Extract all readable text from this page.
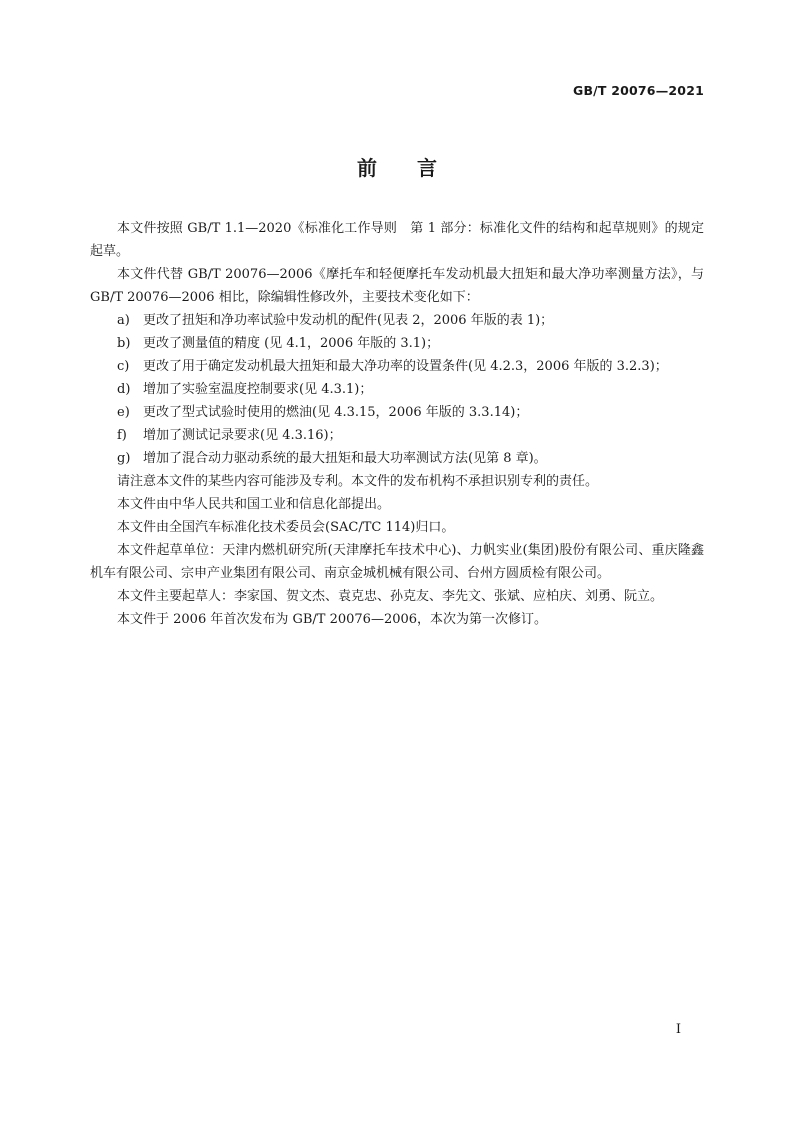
GB/T 20076—2021
前 言

本文件按照 GB/T 1.1—2020《标准化工作导则　第 1 部分：标准化文件的结构和起草规则》的规定起草。

本文件代替 GB/T 20076—2006《摩托车和轻便摩托车发动机最大扭矩和最大净功率测量方法》，与 GB/T 20076—2006 相比，除编辑性修改外，主要技术变化如下：

a) 更改了扭矩和净功率试验中发动机的配件(见表 2，2006 年版的表 1)；

b) 更改了测量值的精度 (见 4.1，2006 年版的 3.1)；

c) 更改了用于确定发动机最大扭矩和最大净功率的设置条件(见 4.2.3，2006 年版的 3.2.3)；

d) 增加了实验室温度控制要求(见 4.3.1)；

e) 更改了型式试验时使用的燃油(见 4.3.15，2006 年版的 3.3.14)；

f) 增加了测试记录要求(见 4.3.16)；

g) 增加了混合动力驱动系统的最大扭矩和最大功率测试方法(见第 8 章)。

请注意本文件的某些内容可能涉及专利。本文件的发布机构不承担识别专利的责任。

本文件由中华人民共和国工业和信息化部提出。

本文件由全国汽车标准化技术委员会(SAC/TC 114)归口。

本文件起草单位：天津内燃机研究所(天津摩托车技术中心)、力帆实业(集团)股份有限公司、重庆隆鑫机车有限公司、宗申产业集团有限公司、南京金城机械有限公司、台州方圆质检有限公司。

本文件主要起草人：李家国、贺文杰、袁克忠、孙克友、李先文、张斌、应柏庆、刘勇、阮立。

本文件于 2006 年首次发布为 GB/T 20076—2006，本次为第一次修订。

I
